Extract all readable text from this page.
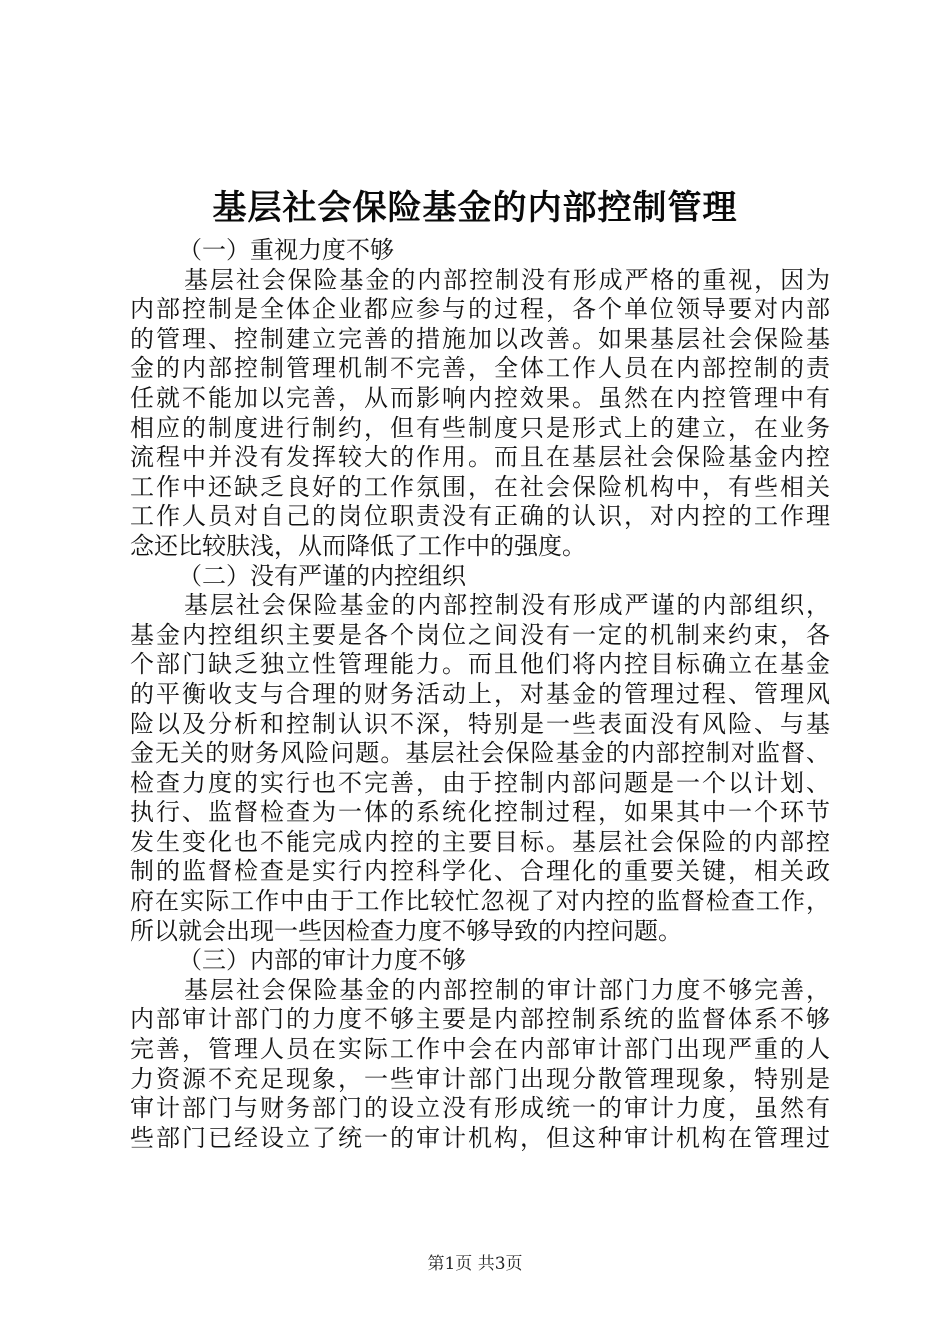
基层社会保险基金的内部控制管理
（一）重视力度不够
基层社会保险基金的内部控制没有形成严格的重视，因为
内部控制是全体企业都应参与的过程，各个单位领导要对内部
的管理、控制建立完善的措施加以改善。如果基层社会保险基
金的内部控制管理机制不完善，全体工作人员在内部控制的责
任就不能加以完善，从而影响内控效果。虽然在内控管理中有
相应的制度进行制约，但有些制度只是形式上的建立，在业务
流程中并没有发挥较大的作用。而且在基层社会保险基金内控
工作中还缺乏良好的工作氛围，在社会保险机构中，有些相关
工作人员对自己的岗位职责没有正确的认识，对内控的工作理
念还比较肤浅，从而降低了工作中的强度。
（二）没有严谨的内控组织
基层社会保险基金的内部控制没有形成严谨的内部组织，
基金内控组织主要是各个岗位之间没有一定的机制来约束，各
个部门缺乏独立性管理能力。而且他们将内控目标确立在基金
的平衡收支与合理的财务活动上，对基金的管理过程、管理风
险以及分析和控制认识不深，特别是一些表面没有风险、与基
金无关的财务风险问题。基层社会保险基金的内部控制对监督、
检查力度的实行也不完善，由于控制内部问题是一个以计划、
执行、监督检查为一体的系统化控制过程，如果其中一个环节
发生变化也不能完成内控的主要目标。基层社会保险的内部控
制的监督检查是实行内控科学化、合理化的重要关键，相关政
府在实际工作中由于工作比较忙忽视了对内控的监督检查工作，
所以就会出现一些因检查力度不够导致的内控问题。
（三）内部的审计力度不够
基层社会保险基金的内部控制的审计部门力度不够完善，
内部审计部门的力度不够主要是内部控制系统的监督体系不够
完善，管理人员在实际工作中会在内部审计部门出现严重的人
力资源不充足现象，一些审计部门出现分散管理现象，特别是
审计部门与财务部门的设立没有形成统一的审计力度，虽然有
些部门已经设立了统一的审计机构，但这种审计机构在管理过
第1页 共3页
